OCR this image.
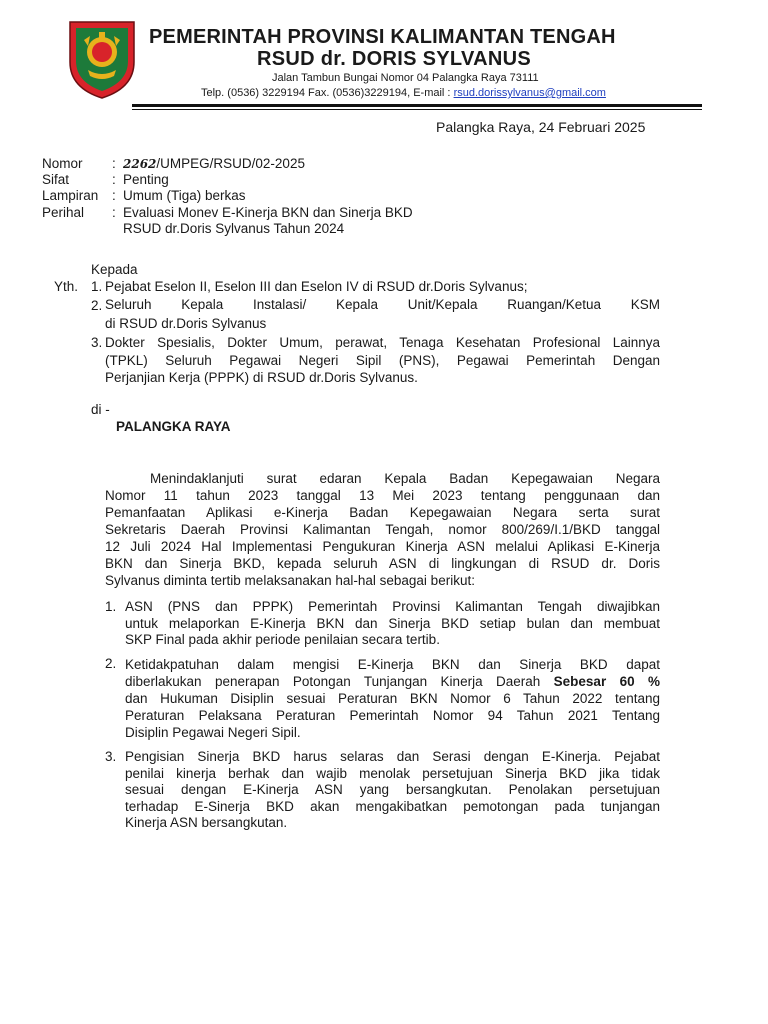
PEMERINTAH PROVINSI KALIMANTAN TENGAH
RSUD dr. DORIS SYLVANUS
Jalan Tambun Bungai Nomor 04 Palangka Raya 73111
Telp. (0536) 3229194 Fax. (0536)3229194, E-mail : rsud.dorissylvanus@gmail.com
Palangka Raya, 24 Februari 2025
Nomor : 2262/UMPEG/RSUD/02-2025
Sifat	: Penting
Lampiran : Umum (Tiga) berkas
Perihal : Evaluasi Monev E-Kinerja BKN dan Sinerja BKD
RSUD dr.Doris Sylvanus Tahun 2024
Kepada
Yth. 1. Pejabat Eselon II, Eselon III dan Eselon IV di RSUD dr.Doris Sylvanus;
2. Seluruh Kepala Instalasi/ Kepala Unit/Kepala Ruangan/Ketua KSM
di RSUD dr.Doris Sylvanus
3. Dokter Spesialis, Dokter Umum, perawat, Tenaga Kesehatan Profesional Lainnya
(TPKL) Seluruh Pegawai Negeri Sipil (PNS), Pegawai Pemerintah Dengan
Perjanjian Kerja (PPPK) di RSUD dr.Doris Sylvanus.
di -
PALANGKA RAYA
Menindaklanjuti surat edaran Kepala Badan Kepegawaian Negara
Nomor 11 tahun 2023 tanggal 13 Mei 2023 tentang penggunaan dan
Pemanfaatan Aplikasi e-Kinerja Badan Kepegawaian Negara serta surat
Sekretaris Daerah Provinsi Kalimantan Tengah, nomor 800/269/I.1/BKD tanggal
12 Juli 2024 Hal Implementasi Pengukuran Kinerja ASN melalui Aplikasi E-Kinerja
BKN dan Sinerja BKD, kepada seluruh ASN di lingkungan di RSUD dr. Doris
Sylvanus diminta tertib melaksanakan hal-hal sebagai berikut:
1. ASN (PNS dan PPPK) Pemerintah Provinsi Kalimantan Tengah diwajibkan
untuk melaporkan E-Kinerja BKN dan Sinerja BKD setiap bulan dan membuat
SKP Final pada akhir periode penilaian secara tertib.
2. Ketidakpatuhan dalam mengisi E-Kinerja BKN dan Sinerja BKD dapat
diberlakukan penerapan Potongan Tunjangan Kinerja Daerah Sebesar 60 %
dan Hukuman Disiplin sesuai Peraturan BKN Nomor 6 Tahun 2022 tentang
Peraturan Pelaksana Peraturan Pemerintah Nomor 94 Tahun 2021 Tentang
Disiplin Pegawai Negeri Sipil.
3. Pengisian Sinerja BKD harus selaras dan Serasi dengan E-Kinerja. Pejabat
penilai kinerja berhak dan wajib menolak persetujuan Sinerja BKD jika tidak
sesuai dengan E-Kinerja ASN yang bersangkutan. Penolakan persetujuan
terhadap E-Sinerja BKD akan mengakibatkan pemotongan pada tunjangan
Kinerja ASN bersangkutan.
